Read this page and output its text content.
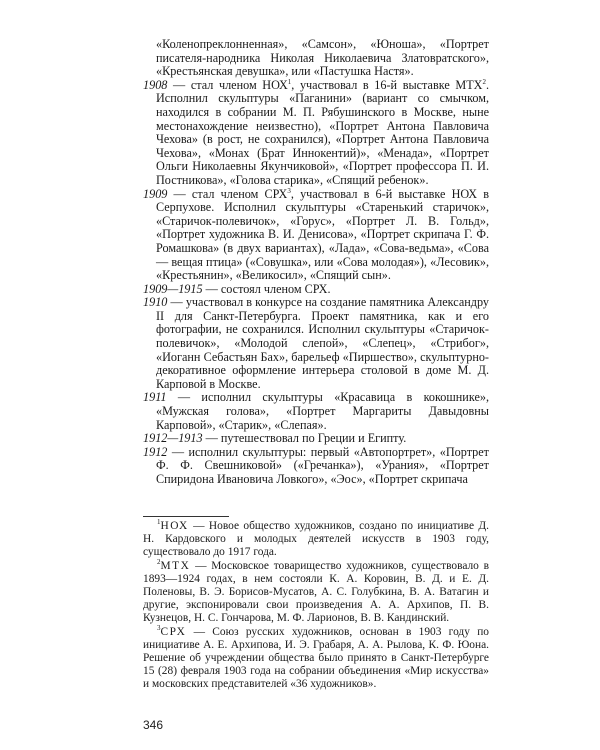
«Коленопреклонненная», «Самсон», «Юноша», «Портрет писателя-народника Николая Николаевича Златовратского», «Крестьянская девушка», или «Пастушка Настя».

1908 — стал членом НОХ$^1$, участвовал в 16-й выставке МТХ$^2$. Исполнил скульптуры «Паганини» (вариант со смычком, находился в собрании М. П. Рябушинского в Москве, ныне местонахождение неизвестно), «Портрет Антона Павловича Чехова» (в рост, не сохранился), «Портрет Антона Павловича Чехова», «Монах (Брат Иннокентий)», «Менада», «Портрет Ольги Николаевны Якунчиковой», «Портрет профессора П. И. Постникова», «Голова старика», «Спящий ребенок».

1909 — стал членом СРХ$^3$, участвовал в 6-й выставке НОХ в Серпухове. Исполнил скульптуры «Старенький старичок», «Старичок-полевичок», «Горус», «Портрет Л. В. Гольд», «Портрет художника В. И. Денисова», «Портрет скрипача Г. Ф. Ромашкова» (в двух вариантах), «Лада», «Сова-ведьма», «Сова — вещая птица» («Совушка», или «Сова молодая»), «Лесовик», «Крестьянин», «Великосил», «Спящий сын».

1909—1915 — состоял членом СРХ.

1910 — участвовал в конкурсе на создание памятника Александру II для Санкт-Петербурга. Проект памятника, как и его фотографии, не сохранился. Исполнил скульптуры «Старичок-полевичок», «Молодой слепой», «Слепец», «Стрибог», «Иоганн Себастьян Бах», барельеф «Пиршество», скульптурно-декоративное оформление интерьера столовой в доме М. Д. Карповой в Москве.

1911 — исполнил скульптуры «Красавица в кокошнике», «Мужская голова», «Портрет Маргариты Давыдовны Карповой», «Старик», «Слепая».

1912—1913 — путешествовал по Греции и Египту.

1912 — исполнил скульптуры: первый «Автопортрет», «Портрет Ф. Ф. Свешниковой» («Гречанка»), «Урания», «Портрет Спиридона Ивановича Ловкого», «Эос», «Портрет скрипача

$^1$НОХ — Новое общество художников, создано по инициативе Д. Н. Кардовского и молодых деятелей искусств в 1903 году, существовало до 1917 года.

$^2$МТХ — Московское товарищество художников, существовало в 1893—1924 годах, в нем состояли К. А. Коровин, В. Д. и Е. Д. Поленовы, В. Э. Борисов-Мусатов, А. С. Голубкина, В. А. Ватагин и другие, экспонировали свои произведения А. А. Архипов, П. В. Кузнецов, Н. С. Гончарова, М. Ф. Ларионов, В. В. Кандинский.

$^3$СРХ — Союз русских художников, основан в 1903 году по инициативе А. Е. Архипова, И. Э. Грабаря, А. А. Рылова, К. Ф. Юона. Решение об учреждении общества было принято в Санкт-Петербурге 15 (28) февраля 1903 года на собрании объединения «Мир искусства» и московских представителей «36 художников».

346
